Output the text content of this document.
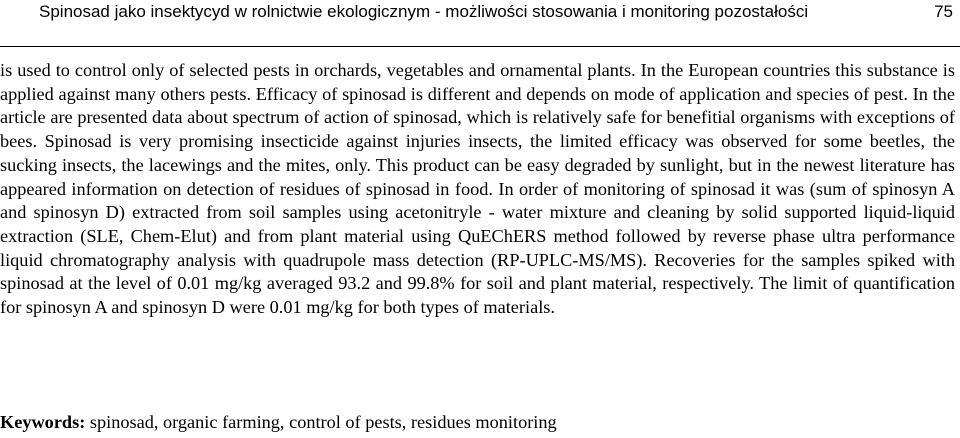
Spinosad jako insektycyd w rolnictwie ekologicznym - możliwości stosowania i monitoring pozostałości	75

is used to control only of selected pests in orchards, vegetables and ornamental plants. In the European countries this substance is applied against many others pests. Efficacy of spinosad is different and depends on mode of application and species of pest. In the article are presented data about spectrum of action of spinosad, which is relatively safe for benefitial organisms with exceptions of bees. Spinosad is very promising insecticide against injuries insects, the limited efficacy was observed for some beetles, the sucking insects, the lacewings and the mites, only. This product can be easy degraded by sunlight, but in the newest literature has appeared information on detection of residues of spinosad in food. In order of monitoring of spinosad it was (sum of spinosyn A and spinosyn D) extracted from soil samples using acetonitryle - water mixture and cleaning by solid supported liquid-liquid extraction (SLE, Chem-Elut) and from plant material using QuEChERS method followed by reverse phase ultra performance liquid chromatography analysis with quadrupole mass detection (RP-UPLC-MS/MS). Recoveries for the samples spiked with spinosad at the level of 0.01 mg/kg averaged 93.2 and 99.8% for soil and plant material, respectively. The limit of quantification for spinosyn A and spinosyn D were 0.01 mg/kg for both types of materials.

Keywords: spinosad, organic farming, control of pests, residues monitoring
